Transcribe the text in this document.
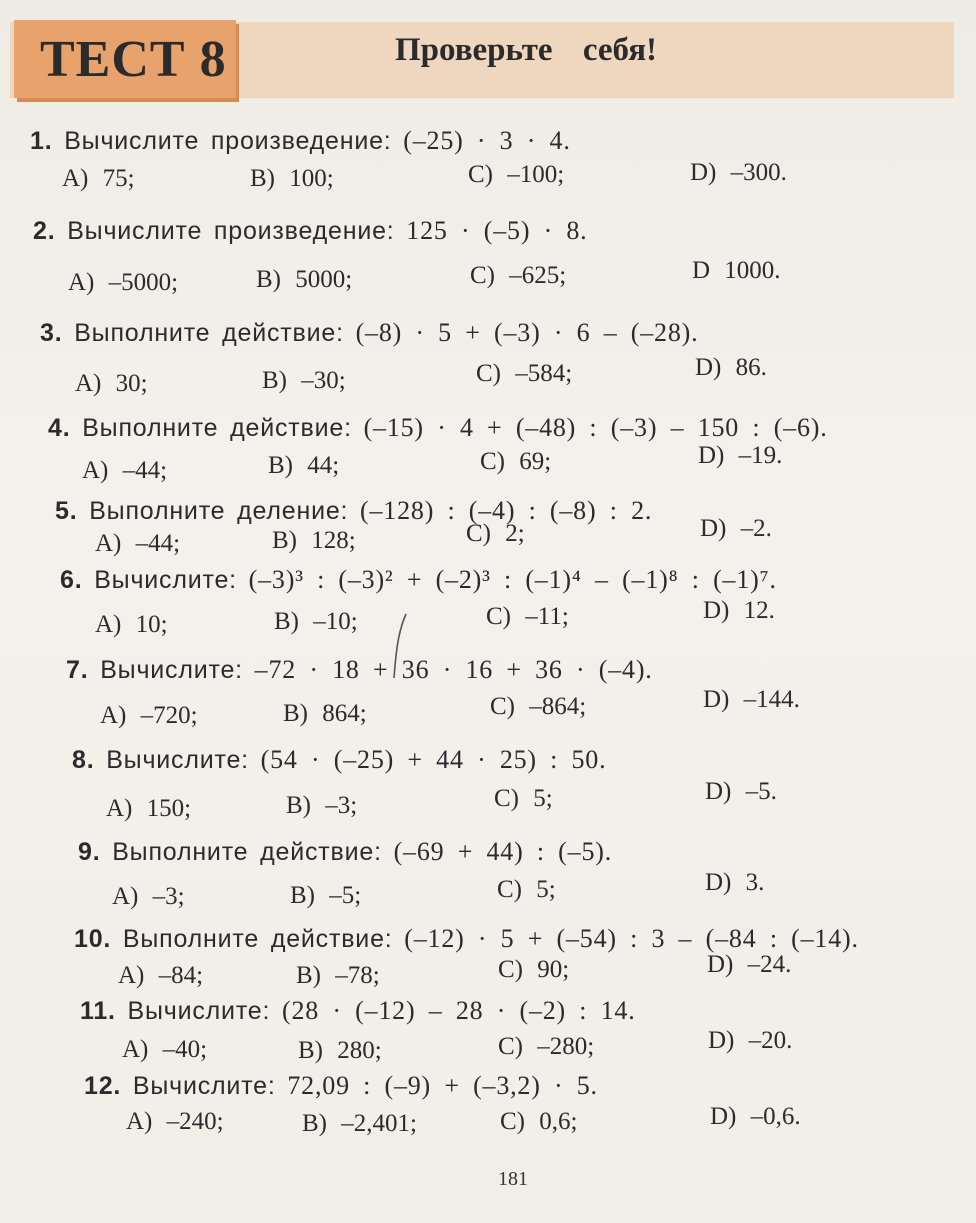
ТЕСТ 8	Проверьте себя!
1. Вычислите произведение: (–25) · 3 · 4.
A) 75;	B) 100;	C) –100;	D) –300.
2. Вычислите произведение: 125 · (–5) · 8.
A) –5000;	B) 5000;	C) –625;	D 1000.
3. Выполните действие: (–8) · 5 + (–3) · 6 – (–28).
A) 30;	B) –30;	C) –584;	D) 86.
4. Выполните действие: (–15) · 4 + (–48) : (–3) – 150 : (–6).
A) –44;	B) 44;	C) 69;	D) –19.
5. Выполните деление: (–128) : (–4) : (–8) : 2.
A) –44;	B) 128;	C) 2;	D) –2.
6. Вычислите: (–3)³ : (–3)² + (–2)³ : (–1)⁴ – (–1)⁸ : (–1)⁷.
A) 10;	B) –10;	C) –11;	D) 12.
7. Вычислите: –72 · 18 + 36 · 16 + 36 · (–4).
A) –720;	B) 864;	C) –864;	D) –144.
8. Вычислите: (54 · (–25) + 44 · 25) : 50.
A) 150;	B) –3;	C) 5;	D) –5.
9. Выполните действие: (–69 + 44) : (–5).
A) –3;	B) –5;	C) 5;	D) 3.
10. Выполните действие: (–12) · 5 + (–54) : 3 – (–84 : (–14).
A) –84;	B) –78;	C) 90;	D) –24.
11. Вычислите: (28 · (–12) – 28 · (–2) : 14.
A) –40;	B) 280;	C) –280;	D) –20.
12. Вычислите: 72,09 : (–9) + (–3,2) · 5.
A) –240;	B) –2,401;	C) 0,6;	D) –0,6.
181
